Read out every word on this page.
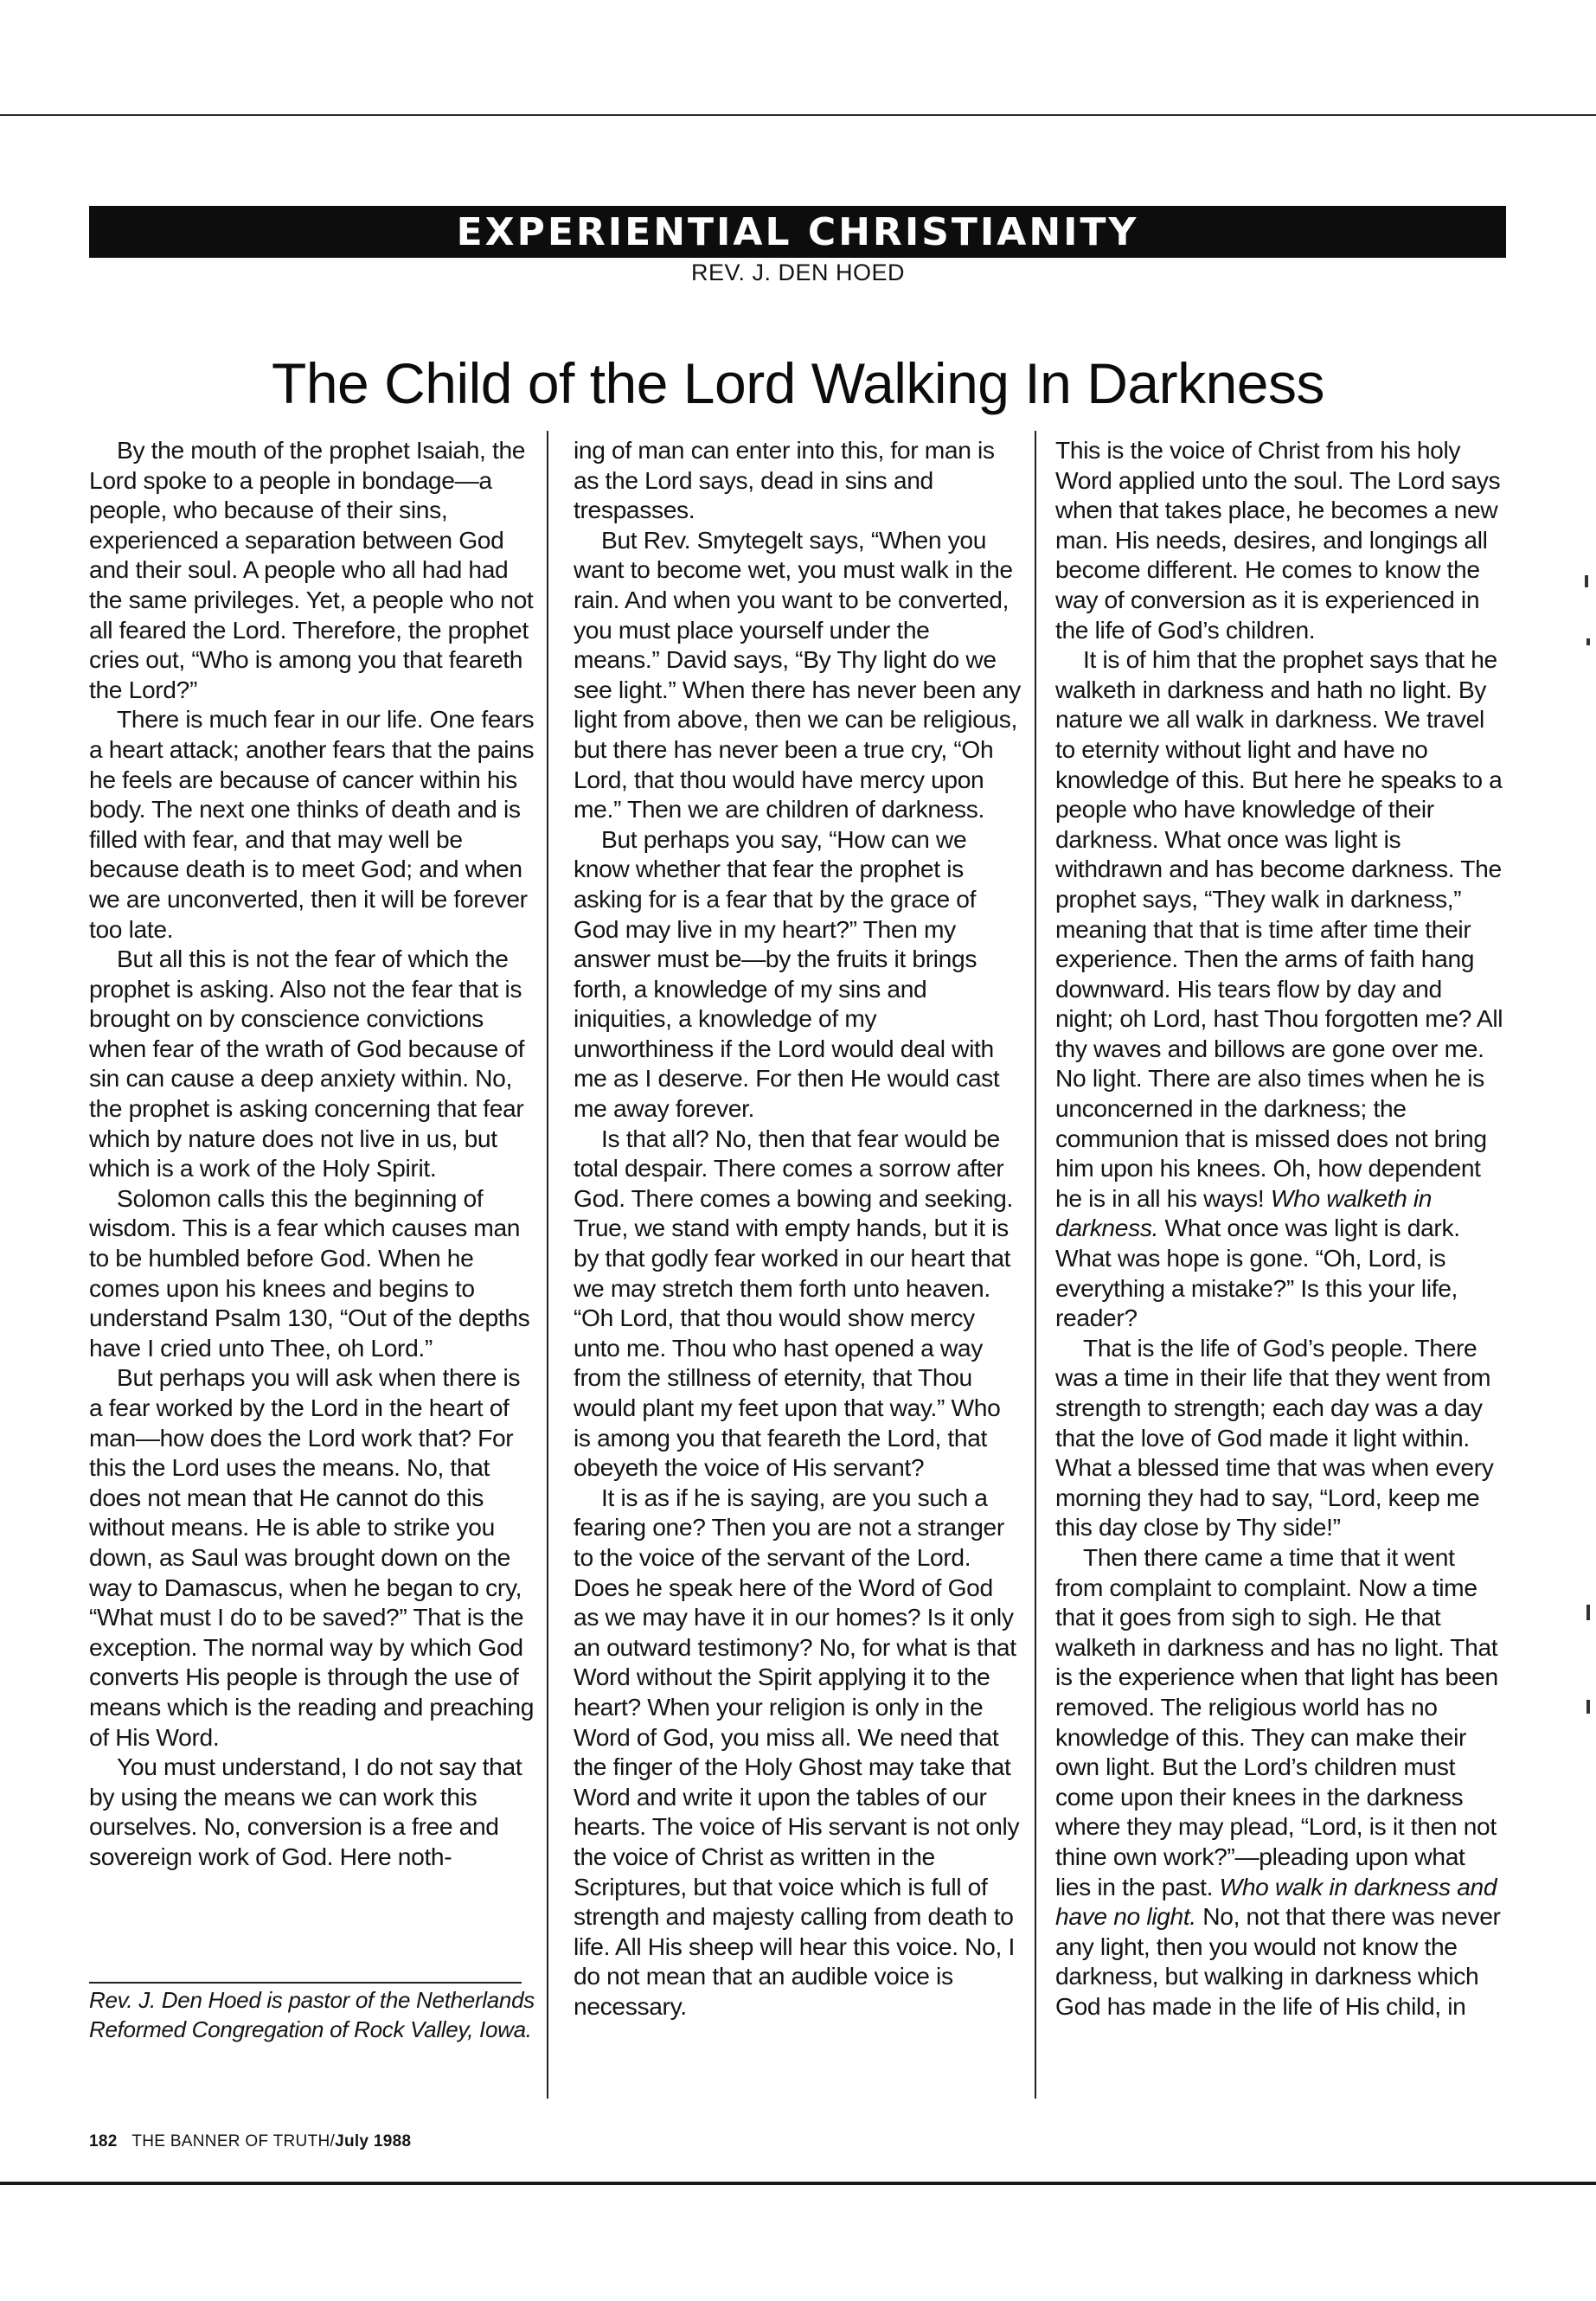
EXPERIENTIAL CHRISTIANITY
REV. J. DEN HOED
The Child of the Lord Walking In Darkness

By the mouth of the prophet Isaiah, the Lord spoke to a people in bondage—a people, who because of their sins, experienced a separation between God and their soul. A people who all had had the same privileges. Yet, a people who not all feared the Lord. Therefore, the prophet cries out, “Who is among you that feareth the Lord?”

There is much fear in our life. One fears a heart attack; another fears that the pains he feels are because of cancer within his body. The next one thinks of death and is filled with fear, and that may well be because death is to meet God; and when we are unconverted, then it will be forever too late.

But all this is not the fear of which the prophet is asking. Also not the fear that is brought on by conscience convictions when fear of the wrath of God because of sin can cause a deep anxiety within. No, the prophet is asking concerning that fear which by nature does not live in us, but which is a work of the Holy Spirit.

Solomon calls this the beginning of wisdom. This is a fear which causes man to be humbled before God. When he comes upon his knees and begins to understand Psalm 130, “Out of the depths have I cried unto Thee, oh Lord.”

But perhaps you will ask when there is a fear worked by the Lord in the heart of man—how does the Lord work that? For this the Lord uses the means. No, that does not mean that He cannot do this without means. He is able to strike you down, as Saul was brought down on the way to Damascus, when he began to cry, “What must I do to be saved?” That is the exception. The normal way by which God converts His people is through the use of means which is the reading and preaching of His Word.

You must understand, I do not say that by using the means we can work this ourselves. No, conversion is a free and sovereign work of God. Here noth-

ing of man can enter into this, for man is as the Lord says, dead in sins and trespasses.

But Rev. Smytegelt says, “When you want to become wet, you must walk in the rain. And when you want to be converted, you must place yourself under the means.” David says, “By Thy light do we see light.” When there has never been any light from above, then we can be religious, but there has never been a true cry, “Oh Lord, that thou would have mercy upon me.” Then we are children of darkness.

But perhaps you say, “How can we know whether that fear the prophet is asking for is a fear that by the grace of God may live in my heart?” Then my answer must be—by the fruits it brings forth, a knowledge of my sins and iniquities, a knowledge of my unworthiness if the Lord would deal with me as I deserve. For then He would cast me away forever.

Is that all? No, then that fear would be total despair. There comes a sorrow after God. There comes a bowing and seeking. True, we stand with empty hands, but it is by that godly fear worked in our heart that we may stretch them forth unto heaven. “Oh Lord, that thou would show mercy unto me. Thou who hast opened a way from the stillness of eternity, that Thou would plant my feet upon that way.” Who is among you that feareth the Lord, that obeyeth the voice of His servant?

It is as if he is saying, are you such a fearing one? Then you are not a stranger to the voice of the servant of the Lord. Does he speak here of the Word of God as we may have it in our homes? Is it only an outward testimony? No, for what is that Word without the Spirit applying it to the heart? When your religion is only in the Word of God, you miss all. We need that the finger of the Holy Ghost may take that Word and write it upon the tables of our hearts. The voice of His servant is not only the voice of Christ as written in the Scriptures, but that voice which is full of strength and majesty calling from death to life. All His sheep will hear this voice. No, I do not mean that an audible voice is necessary.

This is the voice of Christ from his holy Word applied unto the soul. The Lord says when that takes place, he becomes a new man. His needs, desires, and longings all become different. He comes to know the way of conversion as it is experienced in the life of God’s children.

It is of him that the prophet says that he walketh in darkness and hath no light. By nature we all walk in darkness. We travel to eternity without light and have no knowledge of this. But here he speaks to a people who have knowledge of their darkness. What once was light is withdrawn and has become darkness. The prophet says, “They walk in darkness,” meaning that that is time after time their experience. Then the arms of faith hang downward. His tears flow by day and night; oh Lord, hast Thou forgotten me? All thy waves and billows are gone over me. No light. There are also times when he is unconcerned in the darkness; the communion that is missed does not bring him upon his knees. Oh, how dependent he is in all his ways! Who walketh in darkness. What once was light is dark. What was hope is gone. “Oh, Lord, is everything a mistake?” Is this your life, reader?

That is the life of God’s people. There was a time in their life that they went from strength to strength; each day was a day that the love of God made it light within. What a blessed time that was when every morning they had to say, “Lord, keep me this day close by Thy side!”

Then there came a time that it went from complaint to complaint. Now a time that it goes from sigh to sigh. He that walketh in darkness and has no light. That is the experience when that light has been removed. The religious world has no knowledge of this. They can make their own light. But the Lord’s children must come upon their knees in the darkness where they may plead, “Lord, is it then not thine own work?”—pleading upon what lies in the past. Who walk in darkness and have no light. No, not that there was never any light, then you would not know the darkness, but walking in darkness which God has made in the life of His child, in

Rev. J. Den Hoed is pastor of the Netherlands Reformed Congregation of Rock Valley, Iowa.
182 THE BANNER OF TRUTH/July 1988
